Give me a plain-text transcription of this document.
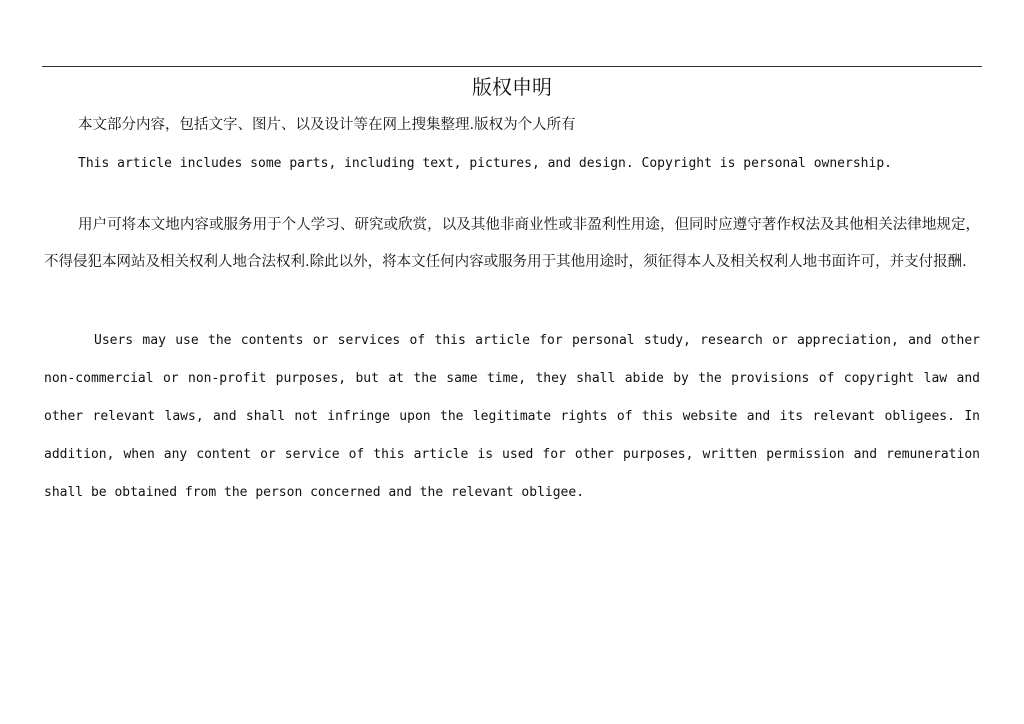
版权申明
本文部分内容，包括文字、图片、以及设计等在网上搜集整理.版权为个人所有
This article includes some parts, including text, pictures, and design. Copyright is personal ownership.
用户可将本文地内容或服务用于个人学习、研究或欣赏，以及其他非商业性或非盈利性用途，但同时应遵守著作权法及其他相关法律地规定，不得侵犯本网站及相关权利人地合法权利.除此以外，将本文任何内容或服务用于其他用途时，须征得本人及相关权利人地书面许可，并支付报酬.
Users may use the contents or services of this article for personal study, research or appreciation, and other non-commercial or non-profit purposes, but at the same time, they shall abide by the provisions of copyright law and other relevant laws, and shall not infringe upon the legitimate rights of this website and its relevant obligees. In addition, when any content or service of this article is used for other purposes, written permission and remuneration shall be obtained from the person concerned and the relevant obligee.
